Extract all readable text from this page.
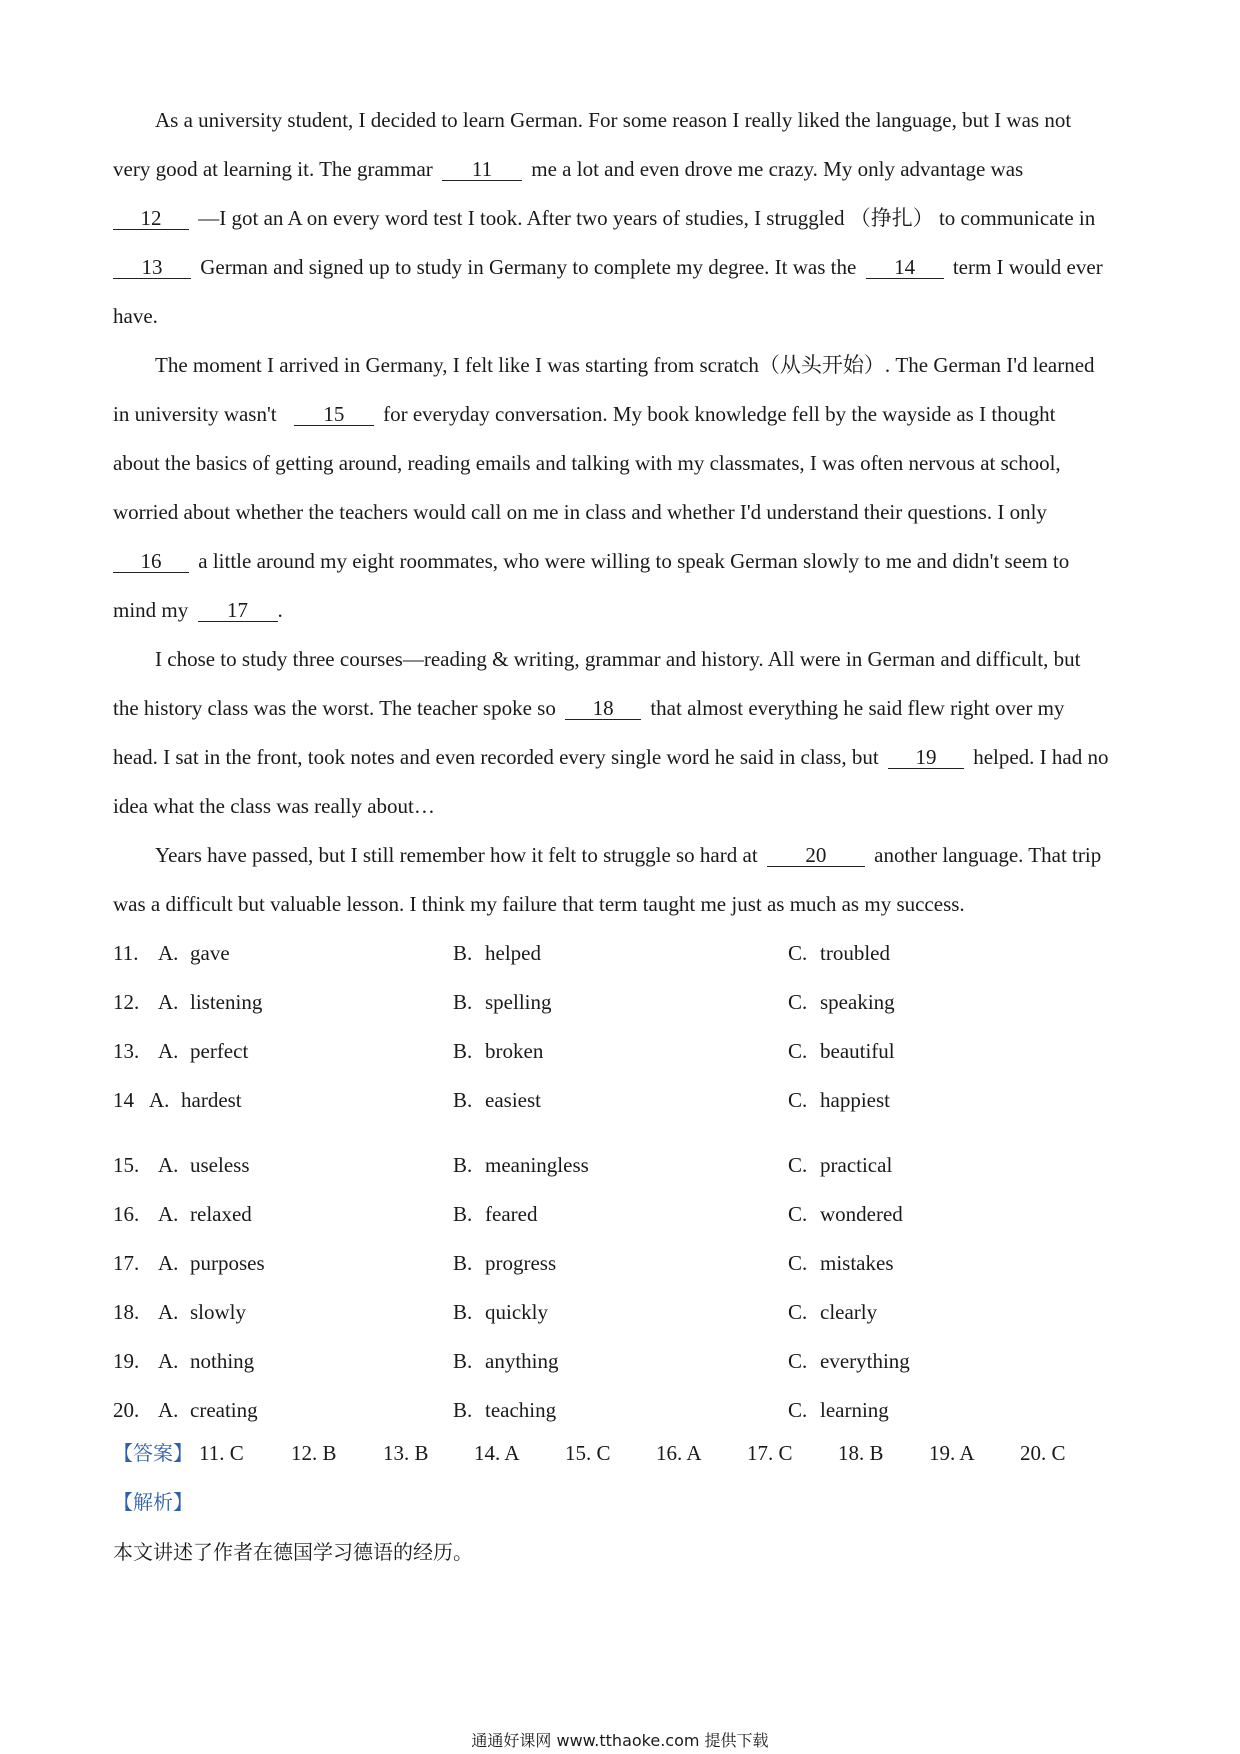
As a university student, I decided to learn German. For some reason I really liked the language, but I was not
very good at learning it. The grammar 11 me a lot and even drove me crazy. My only advantage was
12 —I got an A on every word test I took. After two years of studies, I struggled （挣扎） to communicate in
13 German and signed up to study in Germany to complete my degree. It was the 14 term I would ever
have.
The moment I arrived in Germany, I felt like I was starting from scratch（从头开始）. The German I'd learned
in university wasn't 15 for everyday conversation. My book knowledge fell by the wayside as I thought
about the basics of getting around, reading emails and talking with my classmates, I was often nervous at school,
worried about whether the teachers would call on me in class and whether I'd understand their questions. I only
16 a little around my eight roommates, who were willing to speak German slowly to me and didn't seem to
mind my 17 .
I chose to study three courses—reading & writing, grammar and history. All were in German and difficult, but
the history class was the worst. The teacher spoke so 18 that almost everything he said flew right over my
head. I sat in the front, took notes and even recorded every single word he said in class, but 19 helped. I had no
idea what the class was really about…
Years have passed, but I still remember how it felt to struggle so hard at 20 another language. That trip
was a difficult but valuable lesson. I think my failure that term taught me just as much as my success.
11. A. gave	B. helped	C. troubled
12. A. listening	B. spelling	C. speaking
13. A. perfect	B. broken	C. beautiful
14 A. hardest	B. easiest	C. happiest
15. A. useless	B. meaningless	C. practical
16. A. relaxed	B. feared	C. wondered
17. A. purposes	B. progress	C. mistakes
18. A. slowly	B. quickly	C. clearly
19. A. nothing	B. anything	C. everything
20. A. creating	B. teaching	C. learning
【答案】 11. C 12. B 13. B 14. A 15. C 16. A 17. C 18. B 19. A 20. C
【解析】
本文讲述了作者在德国学习德语的经历。
通通好课网 www.tthaoke.com 提供下载
